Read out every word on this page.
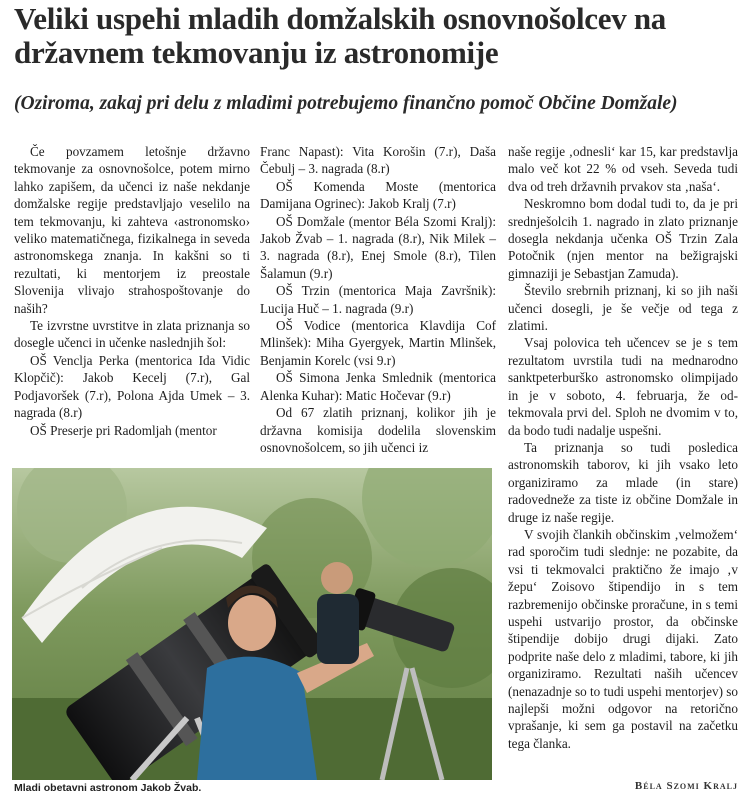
Veliki uspehi mladih domžalskih osnovnošolcev na državnem tekmovanju iz astronomije
(Oziroma, zakaj pri delu z mladimi potrebujemo finančno pomoč Občine Domžale)

Če povzamem letošnje državno tekmovanje za osnovnošolce, potem mirno lahko zapišem, da učenci iz naše nekdanje domžalske regije predstavljajo veselilo na tem tekmovanju, ki zahteva ‹astronomsko› veliko matematičnega, fizikalnega in seveda astronomskega znanja. In kakšni so ti rezultati, ki mentorjem iz preostale Slovenija vlivajo strahospoštovanje do naših?

Te izvrstne uvrstitve in zlata priznanja so dosegle učenci in učenke naslednjih šol:

OŠ Venclja Perka (mentorica Ida Vidic Klopčič): Jakob Kecelj (7.r), Gal Podjavoršek (7.r), Polona Ajda Umek – 3. nagrada (8.r)

OŠ Preserje pri Radomljah (mentor

Franc Napast): Vita Korošin (7.r), Daša Čebulj – 3. nagrada (8.r)

OŠ Komenda Moste (mentorica Damijana Ogrinec): Jakob Kralj (7.r)

OŠ Domžale (mentor Béla Szomi Kralj): Jakob Žvab – 1. nagrada (8.r), Nik Milek – 3. nagrada (8.r), Enej Smole (8.r), Tilen Šalamun (9.r)

OŠ Trzin (mentorica Maja Završnik): Lucija Huč – 1. nagrada (9.r)

OŠ Vodice (mentorica Klavdija Cof Mlinšek): Miha Gyergyek, Martin Mlinšek, Benjamin Korelc (vsi 9.r)

OŠ Simona Jenka Smlednik (mentorica Alenka Kuhar): Matic Hočevar (9.r)

Od 67 zlatih priznanj, kolikor jih je državna komisija dodelila slovenskim osnovnošolcem, so jih učenci iz

naše regije ‚odnesli‘ kar 15, kar predstavlja malo več kot 22 % od vseh. Seveda tudi dva od treh državnih prvakov sta ‚naša‘.

Neskromno bom dodal tudi to, da je pri srednješolcih 1. nagrado in zlato priznanje dosegla nekdanja učenka OŠ Trzin Zala Potočnik (njen mentor na bežigrajski gimnaziji je Sebastjan Zamuda).

Število srebrnih priznanj, ki so jih naši učenci dosegli, je še večje od tega z zlatimi.

Vsaj polovica teh učencev se je s tem rezultatom uvrstila tudi na mednarodno sanktpeterburško astronomsko olimpijado in je v soboto, 4. februarja, že od-tekmovala prvi del. Sploh ne dvomim v to, da bodo tudi nadalje uspešni.

Ta priznanja so tudi posledica astronomskih taborov, ki jih vsako leto organiziramo za mlade (in stare) radovedneže za tiste iz občine Domžale in druge iz naše regije.

V svojih člankih občinskim ‚velmožem‘ rad sporočim tudi slednje: ne pozabite, da vsi ti tekmovalci praktično že imajo ‚v žepu‘ Zoisovo štipendijo in s tem razbremenijo občinske proračune, in s temi uspehi ustvarijo prostor, da občinske štipendije dobijo drugi dijaki. Zato podprite naše delo z mladimi, tabore, ki jih organiziramo. Rezultati naših učencev (nenazadnje so to tudi uspehi mentorjev) so najlepši možni odgovor na retorično vprašanje, ki sem ga postavil na začetku tega članka.

Mladi obetavni astronom Jakob Žvab.	Béla Szomi Kralj
